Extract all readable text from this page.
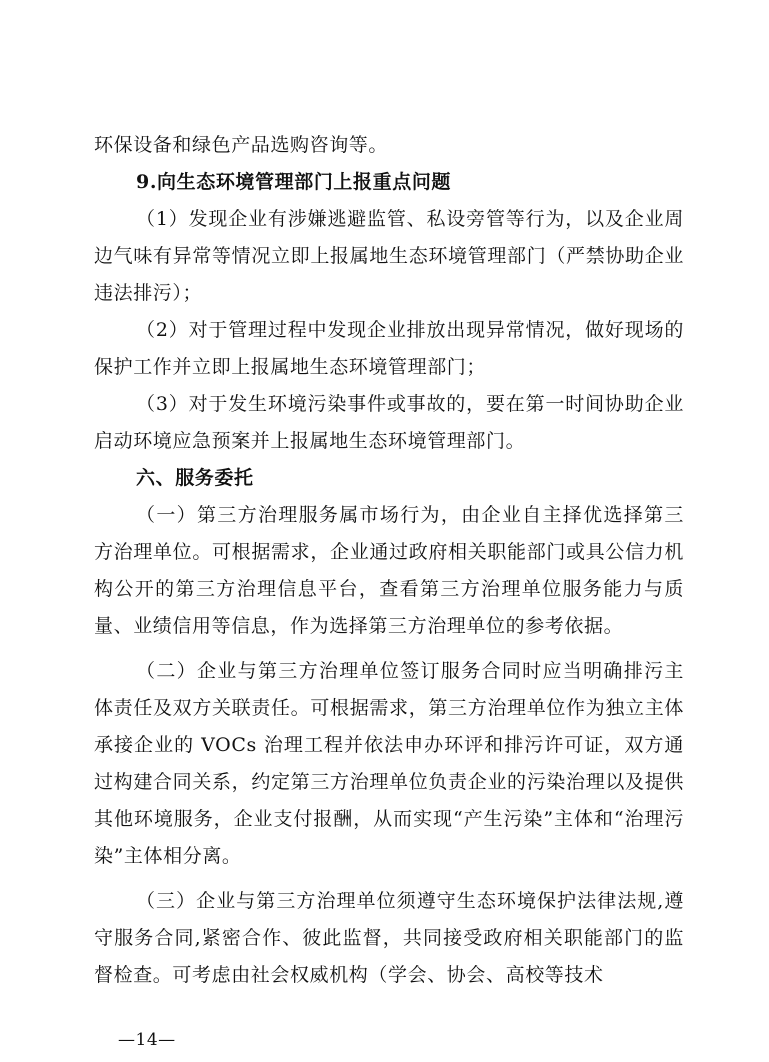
环保设备和绿色产品选购咨询等。

9.向生态环境管理部门上报重点问题

（1）发现企业有涉嫌逃避监管、私设旁管等行为，以及企业周边气味有异常等情况立即上报属地生态环境管理部门（严禁协助企业违法排污）；

（2）对于管理过程中发现企业排放出现异常情况，做好现场的保护工作并立即上报属地生态环境管理部门；

（3）对于发生环境污染事件或事故的，要在第一时间协助企业启动环境应急预案并上报属地生态环境管理部门。

六、服务委托

（一）第三方治理服务属市场行为，由企业自主择优选择第三方治理单位。可根据需求，企业通过政府相关职能部门或具公信力机构公开的第三方治理信息平台，查看第三方治理单位服务能力与质量、业绩信用等信息，作为选择第三方治理单位的参考依据。

（二）企业与第三方治理单位签订服务合同时应当明确排污主体责任及双方关联责任。可根据需求，第三方治理单位作为独立主体承接企业的 VOCs 治理工程并依法申办环评和排污许可证，双方通过构建合同关系，约定第三方治理单位负责企业的污染治理以及提供其他环境服务，企业支付报酬，从而实现“产生污染”主体和“治理污染”主体相分离。

（三）企业与第三方治理单位须遵守生态环境保护法律法规,遵守服务合同,紧密合作、彼此监督，共同接受政府相关职能部门的监督检查。可考虑由社会权威机构（学会、协会、高校等技术

—14—
